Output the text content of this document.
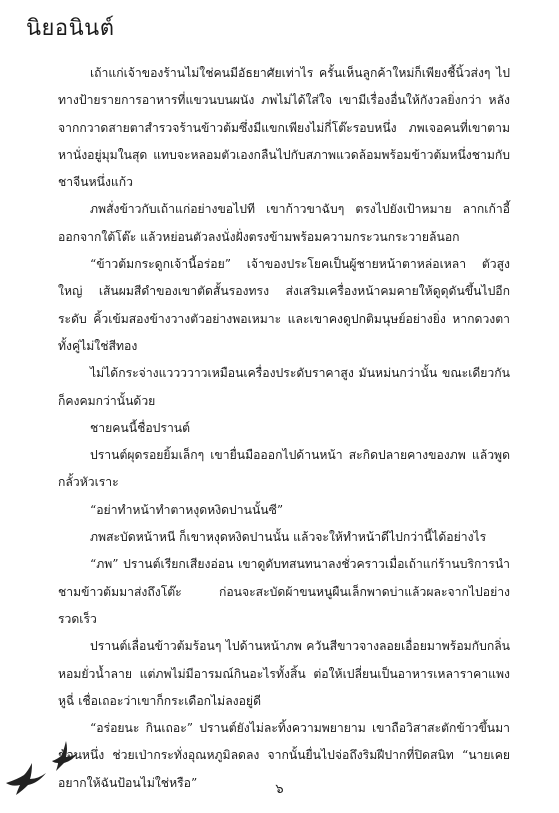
นิยอนินต์

เถ้าแก่เจ้าของร้านไม่ใช่คนมีอัธยาศัยเท่าไร ครั้นเห็นลูกค้าใหม่ก็เพียงชี้นิ้วส่งๆ ไปทางป้ายรายการอาหารที่แขวนบนผนัง ภพไม่ได้ใส่ใจ เขามีเรื่องอื่นให้กังวลยิ่งกว่า หลังจากกวาดสายตาสำรวจร้านข้าวต้มซึ่งมีแขกเพียงไม่กี่โต๊ะรอบหนึ่ง ภพเจอคนที่เขาตามหานั่งอยู่มุมในสุด แทบจะหลอมตัวเองกลืนไปกับสภาพแวดล้อมพร้อมข้าวต้มหนึ่งชามกับชาจีนหนึ่งแก้ว

ภพสั่งข้าวกับเถ้าแก่อย่างขอไปที เขาก้าวขาฉับๆ ตรงไปยังเป้าหมาย ลากเก้าอี้ออกจากใต้โต๊ะ แล้วหย่อนตัวลงนั่งฝั่งตรงข้ามพร้อมความกระวนกระวายล้นอก

“ข้าวต้มกระดูกเจ้านี้อร่อย” เจ้าของประโยคเป็นผู้ชายหน้าตาหล่อเหลา ตัวสูงใหญ่ เส้นผมสีดำของเขาตัดสั้นรองทรง ส่งเสริมเครื่องหน้าคมคายให้ดูดุดันขึ้นไปอีกระดับ คิ้วเข้มสองข้างวางตัวอย่างพอเหมาะ และเขาคงดูปกติมนุษย์อย่างยิ่ง หากดวงตาทั้งคู่ไม่ใช่สีทอง

ไม่ได้กระจ่างแววววาวเหมือนเครื่องประดับราคาสูง มันหม่นกว่านั้น ขณะเดียวกันก็คงคมกว่านั้นด้วย

ชายคนนี้ชื่อปรานต์

ปรานต์ผุดรอยยิ้มเล็กๆ เขายื่นมือออกไปด้านหน้า สะกิดปลายคางของภพ แล้วพูดกลั้วหัวเราะ

“อย่าทำหน้าทำตาหงุดหงิดปานนั้นซี”

ภพสะบัดหน้าหนี ก็เขาหงุดหงิดปานนั้น แล้วจะให้ทำหน้าดีไปกว่านี้ได้อย่างไร

“ภพ” ปรานต์เรียกเสียงอ่อน เขาดูดับทสนทนาลงชั่วคราวเมื่อเถ้าแก่ร้านบริการนำชามข้าวต้มมาส่งถึงโต๊ะ ก่อนจะสะบัดผ้าขนหนูผืนเล็กพาดบ่าแล้วผละจากไปอย่างรวดเร็ว

ปรานต์เลื่อนข้าวต้มร้อนๆ ไปด้านหน้าภพ ควันสีขาวจางลอยเอื่อยมาพร้อมกับกลิ่นหอมยั่วน้ำลาย แต่ภพไม่มีอารมณ์กินอะไรทั้งสิ้น ต่อให้เปลี่ยนเป็นอาหารเหลาราคาแพงหูฉี่ เชื่อเถอะว่าเขาก็กระเดือกไม่ลงอยู่ดี

“อร่อยนะ กินเถอะ” ปรานต์ยังไม่ละทิ้งความพยายาม เขาถือวิสาสะตักข้าวขึ้นมาช้อนหนึ่ง ช่วยเป่ากระทั่งอุณหภูมิลดลง จากนั้นยื่นไปจ่อถึงริมฝีปากที่ปิดสนิท “นายเคยอยากให้ฉันป้อนไม่ใช่หรือ”	๖
